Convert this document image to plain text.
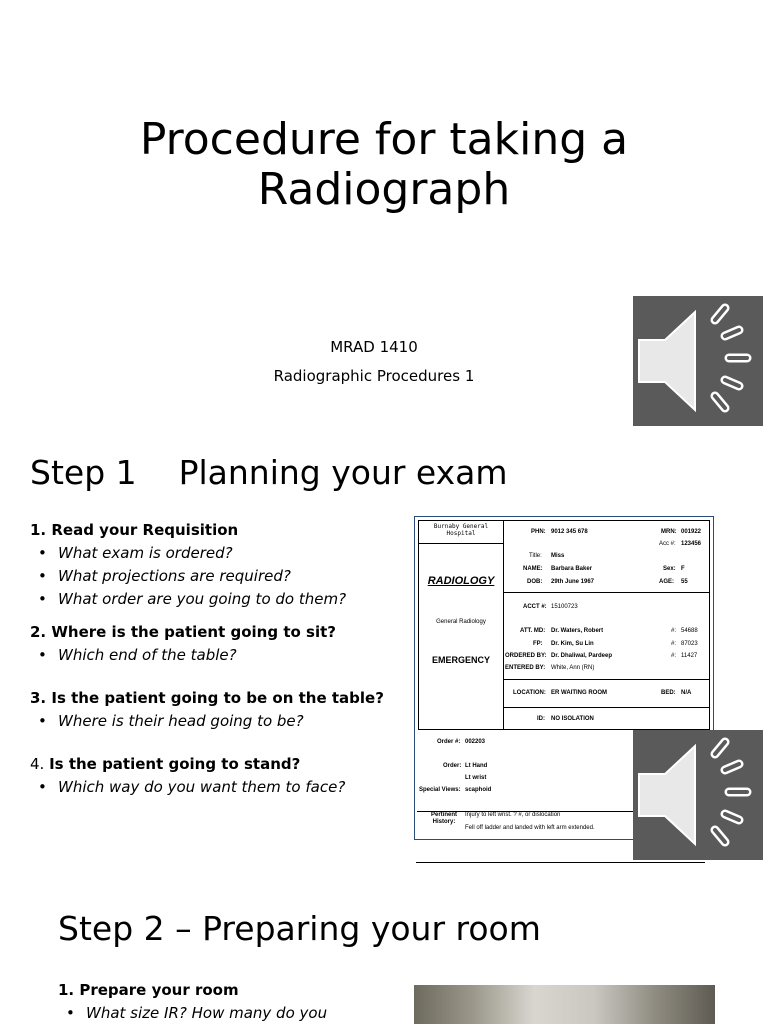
Procedure for taking a
Radiograph
MRAD 1410
Radiographic Procedures 1
Step 1    Planning your exam
1. Read your Requisition
• What exam is ordered?
• What projections are required?
• What order are you going to do them?
2. Where is the patient going to sit?
• Which end of the table?
3. Is the patient going to be on the table?
• Where is their head going to be?
4. Is the patient going to stand?
• Which way do you want them to face?
Burnaby General Hospital
RADIOLOGY
General Radiology
EMERGENCY
PHN: 9012 345 678	MRN: 001922
Acc #: 123456
Title: Miss
NAME: Barbara Baker	Sex: F
DOB: 29th June 1967	AGE: 55
ACCT #: 15100723
ATT. MD: Dr. Waters, Robert	#: 54688
FP: Dr. Kim, Su Lin	#: 87023
ORDERED BY: Dr. Dhaliwal, Pardeep	#: 11427
ENTERED BY: White, Ann (RN)
LOCATION: ER WAITING ROOM	BED: N/A
ID: NO ISOLATION
Order #: 002203
Order: Lt Hand
Lt wrist
Special Views: scaphoid
Pertinent History:
Injury to left wrist. ? #, or dislocation
Fell off ladder and landed with left arm extended.
Step 2 – Preparing your room
1. Prepare your room
• What size IR? How many do you
